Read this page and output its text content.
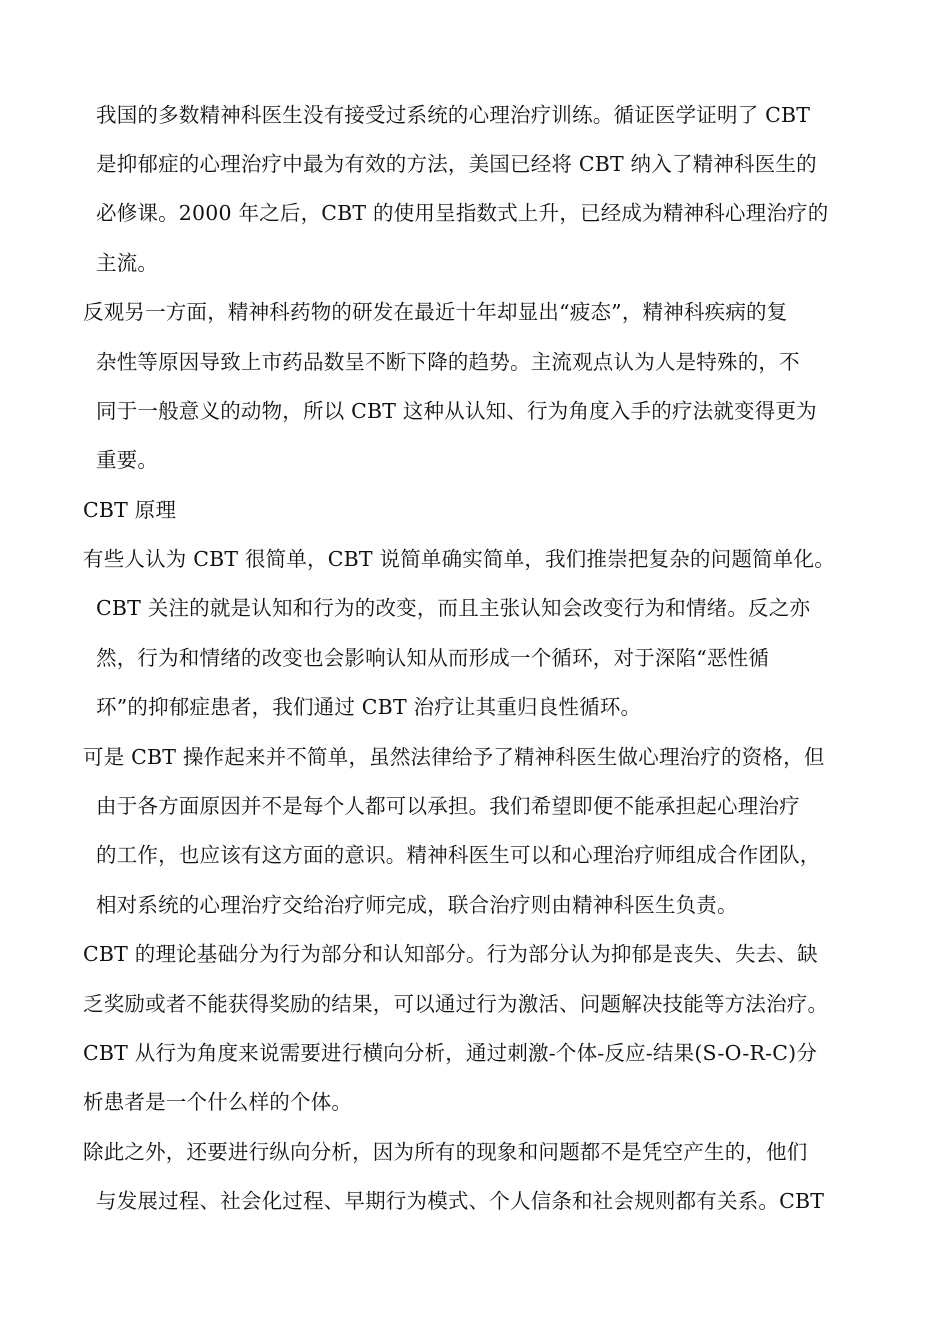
我国的多数精神科医生没有接受过系统的心理治疗训练。循证医学证明了 CBT
是抑郁症的心理治疗中最为有效的方法，美国已经将 CBT 纳入了精神科医生的
必修课。2000 年之后，CBT 的使用呈指数式上升，已经成为精神科心理治疗的
主流。
反观另一方面，精神科药物的研发在最近十年却显出“疲态”，精神科疾病的复
杂性等原因导致上市药品数呈不断下降的趋势。主流观点认为人是特殊的，不
同于一般意义的动物，所以 CBT 这种从认知、行为角度入手的疗法就变得更为
重要。
CBT 原理
有些人认为 CBT 很简单，CBT 说简单确实简单，我们推崇把复杂的问题简单化。
CBT 关注的就是认知和行为的改变，而且主张认知会改变行为和情绪。反之亦
然，行为和情绪的改变也会影响认知从而形成一个循环，对于深陷“恶性循
环”的抑郁症患者，我们通过 CBT 治疗让其重归良性循环。
可是 CBT 操作起来并不简单，虽然法律给予了精神科医生做心理治疗的资格，但
由于各方面原因并不是每个人都可以承担。我们希望即便不能承担起心理治疗
的工作，也应该有这方面的意识。精神科医生可以和心理治疗师组成合作团队，
相对系统的心理治疗交给治疗师完成，联合治疗则由精神科医生负责。
CBT 的理论基础分为行为部分和认知部分。行为部分认为抑郁是丧失、失去、缺
乏奖励或者不能获得奖励的结果，可以通过行为激活、问题解决技能等方法治疗。
CBT 从行为角度来说需要进行横向分析，通过刺激-个体-反应-结果(S-O-R-C)分
析患者是一个什么样的个体。
除此之外，还要进行纵向分析，因为所有的现象和问题都不是凭空产生的，他们
与发展过程、社会化过程、早期行为模式、个人信条和社会规则都有关系。CBT
